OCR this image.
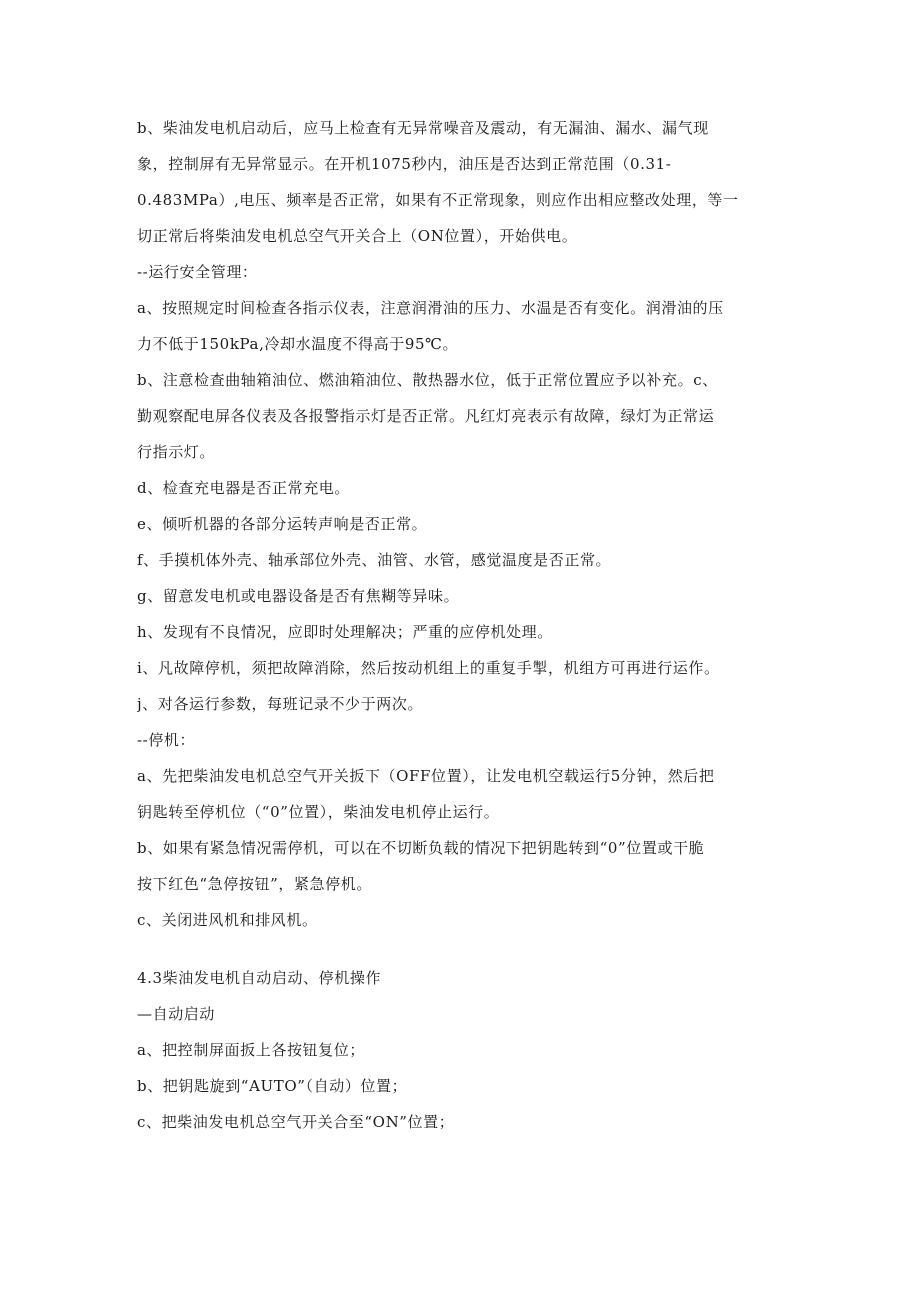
b、柴油发电机启动后，应马上检查有无异常噪音及震动，有无漏油、漏水、漏气现
象，控制屏有无异常显示。在开机1075秒内，油压是否达到正常范围（0.31-
0.483MPa）,电压、频率是否正常，如果有不正常现象，则应作出相应整改处理，等一
切正常后将柴油发电机总空气开关合上（ON位置），开始供电。
--运行安全管理：
a、按照规定时间检查各指示仪表，注意润滑油的压力、水温是否有变化。润滑油的压
力不低于150kPa,冷却水温度不得高于95℃。
b、注意检查曲轴箱油位、燃油箱油位、散热器水位，低于正常位置应予以补充。c、
勤观察配电屏各仪表及各报警指示灯是否正常。凡红灯亮表示有故障，绿灯为正常运
行指示灯。
d、检查充电器是否正常充电。
e、倾听机器的各部分运转声响是否正常。
f、手摸机体外壳、轴承部位外壳、油管、水管，感觉温度是否正常。
g、留意发电机或电器设备是否有焦糊等异味。
h、发现有不良情况，应即时处理解决；严重的应停机处理。
i、凡故障停机，须把故障消除，然后按动机组上的重复手掣，机组方可再进行运作。
j、对各运行参数，每班记录不少于两次。
--停机：
a、先把柴油发电机总空气开关扳下（OFF位置），让发电机空载运行5分钟，然后把
钥匙转至停机位（“0”位置），柴油发电机停止运行。
b、如果有紧急情况需停机，可以在不切断负载的情况下把钥匙转到“0”位置或干脆
按下红色“急停按钮”，紧急停机。
c、关闭进风机和排风机。
4.3柴油发电机自动启动、停机操作
—自动启动
a、把控制屏面扳上各按钮复位；
b、把钥匙旋到“AUTO”（自动）位置；
c、把柴油发电机总空气开关合至“ON”位置；
